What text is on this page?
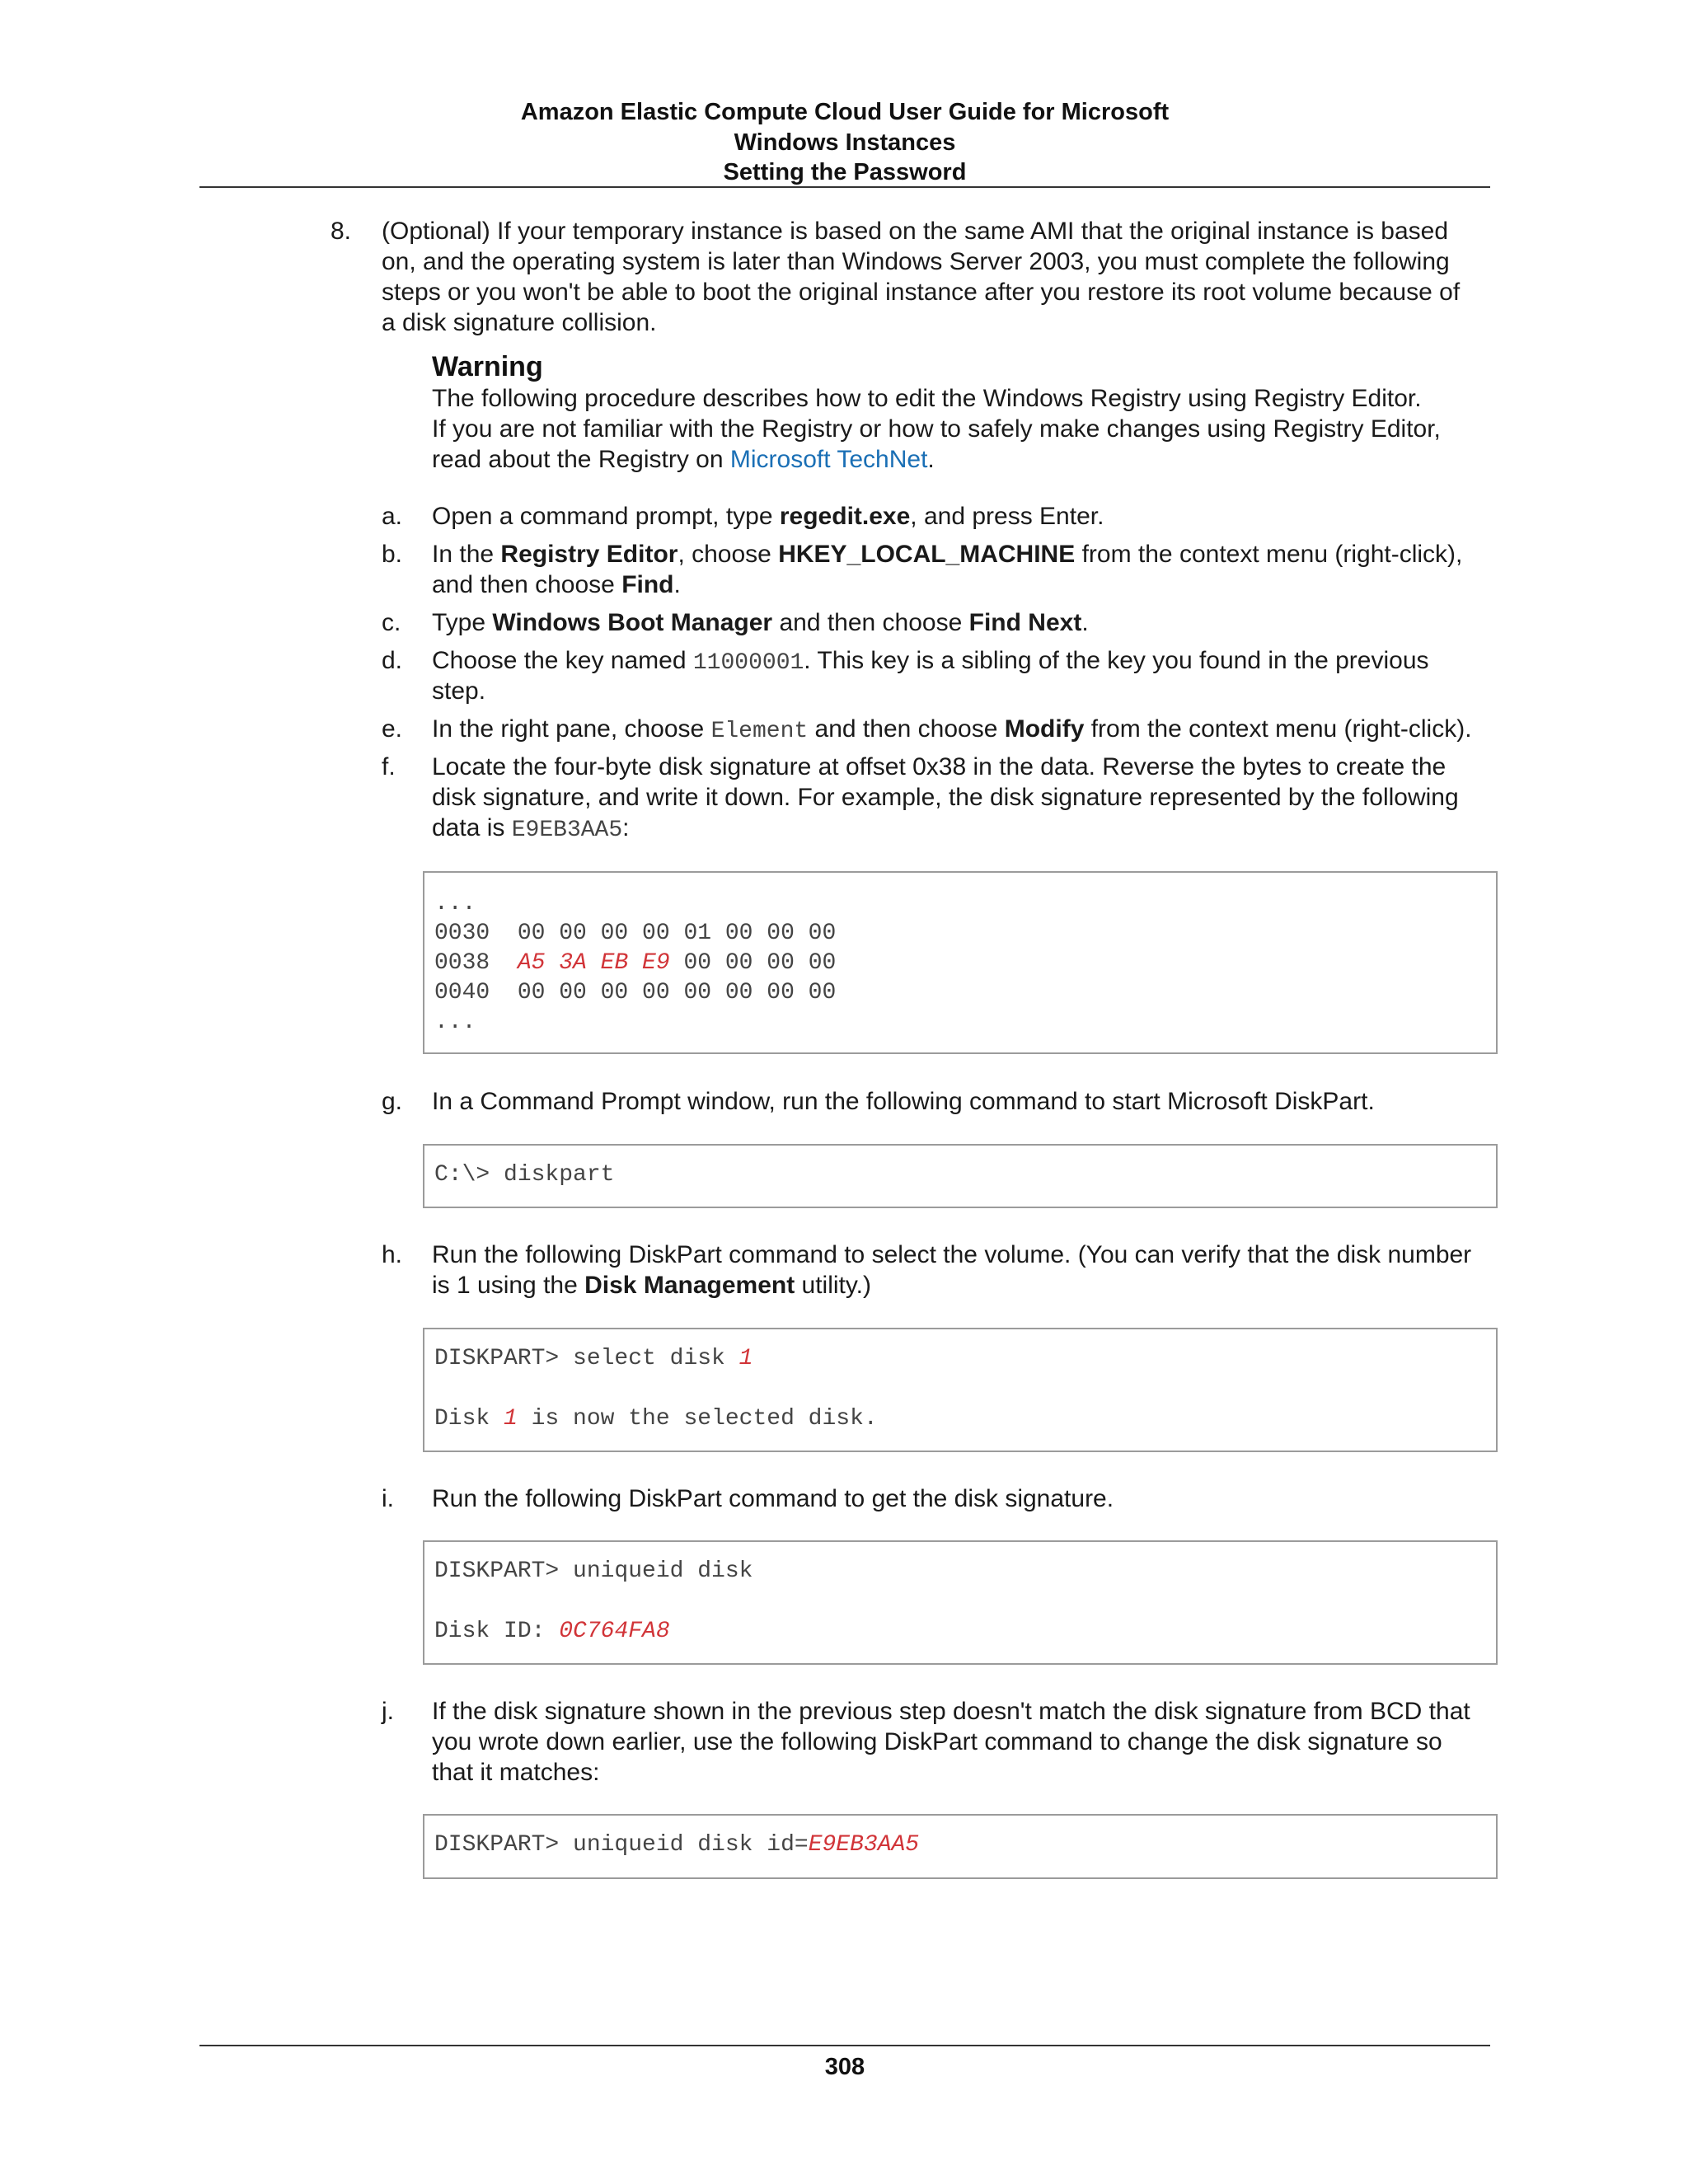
Amazon Elastic Compute Cloud User Guide for Microsoft
Windows Instances
Setting the Password
8. (Optional) If your temporary instance is based on the same AMI that the original instance is based
on, and the operating system is later than Windows Server 2003, you must complete the following
steps or you won't be able to boot the original instance after you restore its root volume because of
a disk signature collision.
Warning
The following procedure describes how to edit the Windows Registry using Registry Editor.
If you are not familiar with the Registry or how to safely make changes using Registry Editor,
read about the Registry on Microsoft TechNet.
a. Open a command prompt, type regedit.exe, and press Enter.
b. In the Registry Editor, choose HKEY_LOCAL_MACHINE from the context menu (right-click),
and then choose Find.
c. Type Windows Boot Manager and then choose Find Next.
d. Choose the key named 11000001. This key is a sibling of the key you found in the previous
step.
e. In the right pane, choose Element and then choose Modify from the context menu (right-click).
f. Locate the four-byte disk signature at offset 0x38 in the data. Reverse the bytes to create the
disk signature, and write it down. For example, the disk signature represented by the following
data is E9EB3AA5:

...

0030  00 00 00 00 01 00 00 00

0038  A5 3A EB E9 00 00 00 00

0040  00 00 00 00 00 00 00 00

...

g. In a Command Prompt window, run the following command to start Microsoft DiskPart.

C:\> diskpart

h. Run the following DiskPart command to select the volume. (You can verify that the disk number
is 1 using the Disk Management utility.)

DISKPART> select disk 1

Disk 1 is now the selected disk.

i. Run the following DiskPart command to get the disk signature.

DISKPART> uniqueid disk

Disk ID: 0C764FA8

j. If the disk signature shown in the previous step doesn't match the disk signature from BCD that
you wrote down earlier, use the following DiskPart command to change the disk signature so
that it matches:

DISKPART> uniqueid disk id=E9EB3AA5

308
